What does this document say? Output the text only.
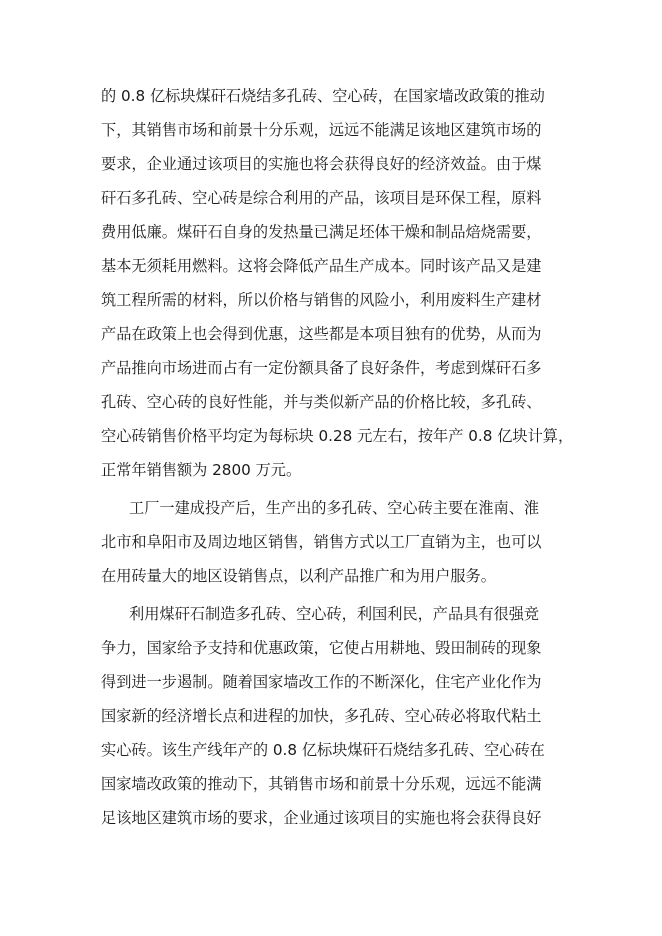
的 0.8 亿标块煤矸石烧结多孔砖、空心砖，在国家墙改政策的推动
下，其销售市场和前景十分乐观，远远不能满足该地区建筑市场的
要求，企业通过该项目的实施也将会获得良好的经济效益。由于煤
矸石多孔砖、空心砖是综合利用的产品，该项目是环保工程，原料
费用低廉。煤矸石自身的发热量已满足坯体干燥和制品焙烧需要，
基本无须耗用燃料。这将会降低产品生产成本。同时该产品又是建
筑工程所需的材料，所以价格与销售的风险小，利用废料生产建材
产品在政策上也会得到优惠，这些都是本项目独有的优势，从而为
产品推向市场进而占有一定份额具备了良好条件，考虑到煤矸石多
孔砖、空心砖的良好性能，并与类似新产品的价格比较，多孔砖、
空心砖销售价格平均定为每标块 0.28 元左右，按年产 0.8 亿块计算，
正常年销售额为 2800 万元。
工厂一建成投产后，生产出的多孔砖、空心砖主要在淮南、淮
北市和阜阳市及周边地区销售，销售方式以工厂直销为主，也可以
在用砖量大的地区设销售点，以利产品推广和为用户服务。
利用煤矸石制造多孔砖、空心砖，利国利民，产品具有很强竞
争力，国家给予支持和优惠政策，它使占用耕地、毁田制砖的现象
得到进一步遏制。随着国家墙改工作的不断深化，住宅产业化作为
国家新的经济增长点和进程的加快，多孔砖、空心砖必将取代粘土
实心砖。该生产线年产的 0.8 亿标块煤矸石烧结多孔砖、空心砖在
国家墙改政策的推动下，其销售市场和前景十分乐观，远远不能满
足该地区建筑市场的要求，企业通过该项目的实施也将会获得良好
